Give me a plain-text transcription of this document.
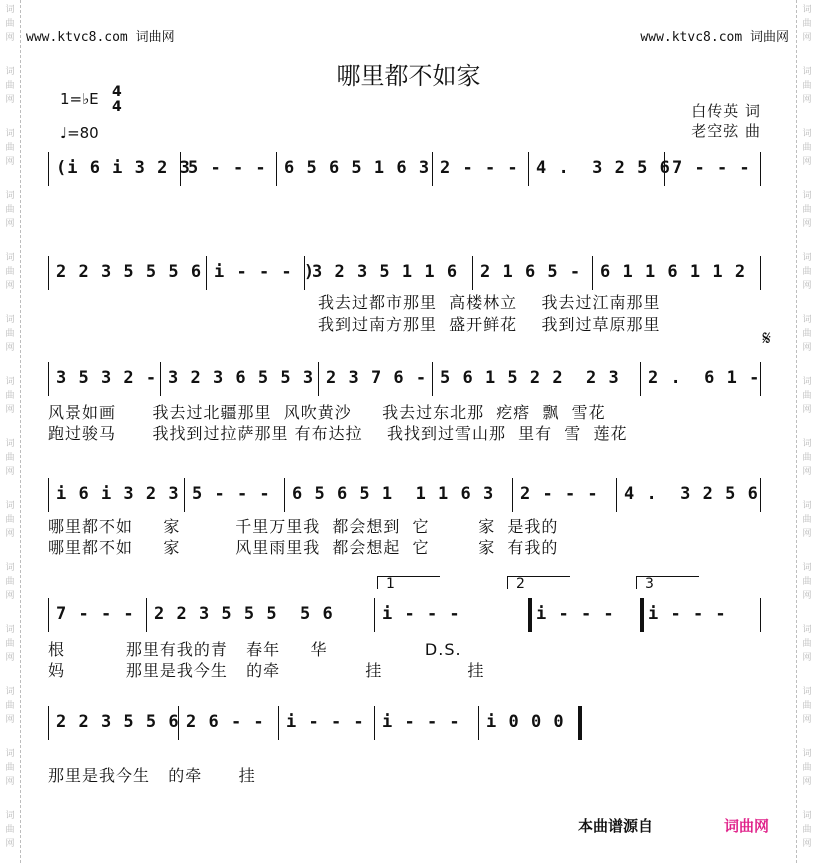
词
曲
网
词
曲
网
词
曲
网
词
曲
网
词
曲
网
词
曲
网
词
曲
网
词
曲
网
词
曲
网
词
曲
网
词
曲
网
词
曲
网
词
曲
网
词
曲
网
词
曲
网
词
曲
网
词
曲
网
词
曲
网
词
曲
网
词
曲
网
词
曲
网
词
曲
网
词
曲
网
词
曲
网
词
曲
网
词
曲
网
词
曲
网
词
曲
网
www.ktvc8.com 词曲网	www.ktvc8.com 词曲网
哪里都不如家
1=♭E 4
4
♩=80
白传英 词
老空弦 曲
(i 6 i 3 2 3
5 - - - 6 5 6 5 1 6 3 2 - - - 4 .  3 2 5 6 7 - - -
2 2 3 5 5 5 6 i - - - )
3 2 3 5 1 1 6 2 1 6 5 - 6 1 1 6 1 1 2
3 5 3 2 - 3 2 3 6 5 5 3 2 3 7 6 - 5 6 1 5 2 2  2 3 2 .  6 1 -
i 6 i 3 2 3 5 - - - 6 5 6 5 1  1 1 6 3 2 - - - 4 .  3 2 5 6
7 - - - 2 2 3 5 5 5  5 6	i - - -	i - - - i - - -
2 2 3 5 5 6 2 6 - - i - - - i - - - i 0 0 0
𝄋
1	2	3
我去过都市那里  高楼林立    我去过江南那里
我到过南方那里  盛开鲜花    我到过草原那里
风景如画      我去过北疆那里  风吹黄沙     我去过东北那  疙瘩  飘  雪花
跑过骏马      我找到过拉萨那里 有布达拉    我找到过雪山那  里有  雪  莲花
哪里都不如     家         千里万里我  都会想到  它        家  是我的
哪里都不如     家         风里雨里我  都会想起  它        家  有我的
根          那里有我的青   春年     华                D.S.
妈          那里是我今生   的牵              挂              挂
那里是我今生   的牵      挂
本曲谱源自	词曲网
